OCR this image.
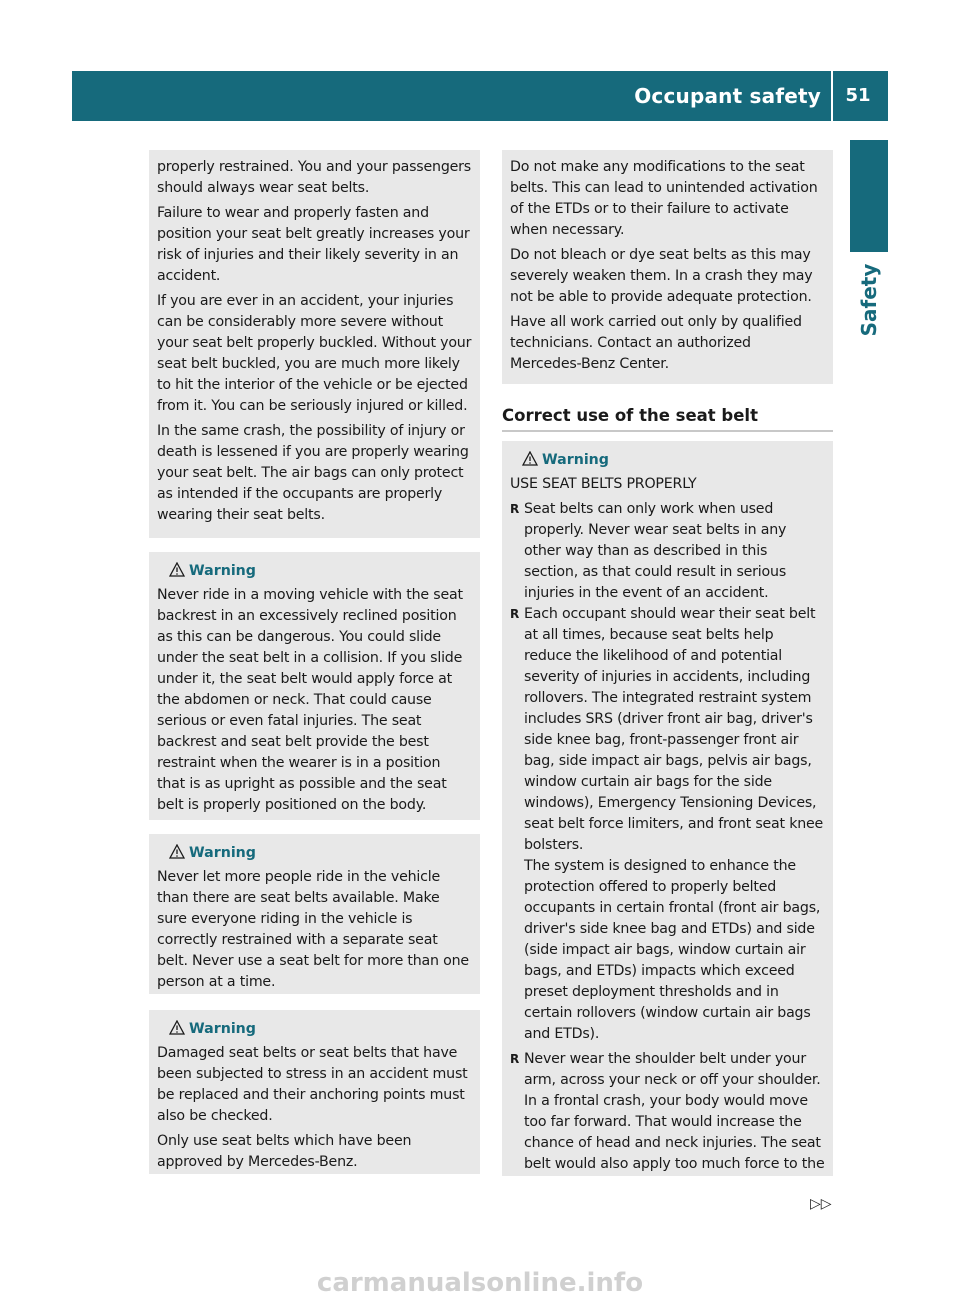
Occupant safety	51
Safety

properly restrained. You and your passengers should always wear seat belts.

Failure to wear and properly fasten and position your seat belt greatly increases your risk of injuries and their likely severity in an accident.

If you are ever in an accident, your injuries can be considerably more severe without your seat belt properly buckled. Without your seat belt buckled, you are much more likely to hit the interior of the vehicle or be ejected from it. You can be seriously injured or killed.

In the same crash, the possibility of injury or death is lessened if you are properly wearing your seat belt. The air bags can only protect as intended if the occupants are properly wearing their seat belts.

Warning

Never ride in a moving vehicle with the seat backrest in an excessively reclined position as this can be dangerous. You could slide under the seat belt in a collision. If you slide under it, the seat belt would apply force at the abdomen or neck. That could cause serious or even fatal injuries. The seat backrest and seat belt provide the best restraint when the wearer is in a position that is as upright as possible and the seat belt is properly positioned on the body.

Warning

Never let more people ride in the vehicle than there are seat belts available. Make sure everyone riding in the vehicle is correctly restrained with a separate seat belt. Never use a seat belt for more than one person at a time.

Warning

Damaged seat belts or seat belts that have been subjected to stress in an accident must be replaced and their anchoring points must also be checked.

Only use seat belts which have been approved by Mercedes-Benz.

Do not make any modifications to the seat belts. This can lead to unintended activation of the ETDs or to their failure to activate when necessary.

Do not bleach or dye seat belts as this may severely weaken them. In a crash they may not be able to provide adequate protection.

Have all work carried out only by qualified technicians. Contact an authorized Mercedes-Benz Center.

Correct use of the seat belt
Warning

USE SEAT BELTS PROPERLY

R Seat belts can only work when used properly. Never wear seat belts in any other way than as described in this section, as that could result in serious injuries in the event of an accident.
R Each occupant should wear their seat belt at all times, because seat belts help reduce the likelihood of and potential severity of injuries in accidents, including rollovers. The integrated restraint system includes SRS (driver front air bag, driver's side knee bag, front-passenger front air bag, side impact air bags, pelvis air bags, window curtain air bags for the side windows), Emergency Tensioning Devices, seat belt force limiters, and front seat knee bolsters.

The system is designed to enhance the protection offered to properly belted occupants in certain frontal (front air bags, driver's side knee bag and ETDs) and side (side impact air bags, window curtain air bags, and ETDs) impacts which exceed preset deployment thresholds and in certain rollovers (window curtain air bags and ETDs).

R Never wear the shoulder belt under your arm, across your neck or off your shoulder. In a frontal crash, your body would move too far forward. That would increase the chance of head and neck injuries. The seat belt would also apply too much force to the
▷▷
carmanualsonline.info
